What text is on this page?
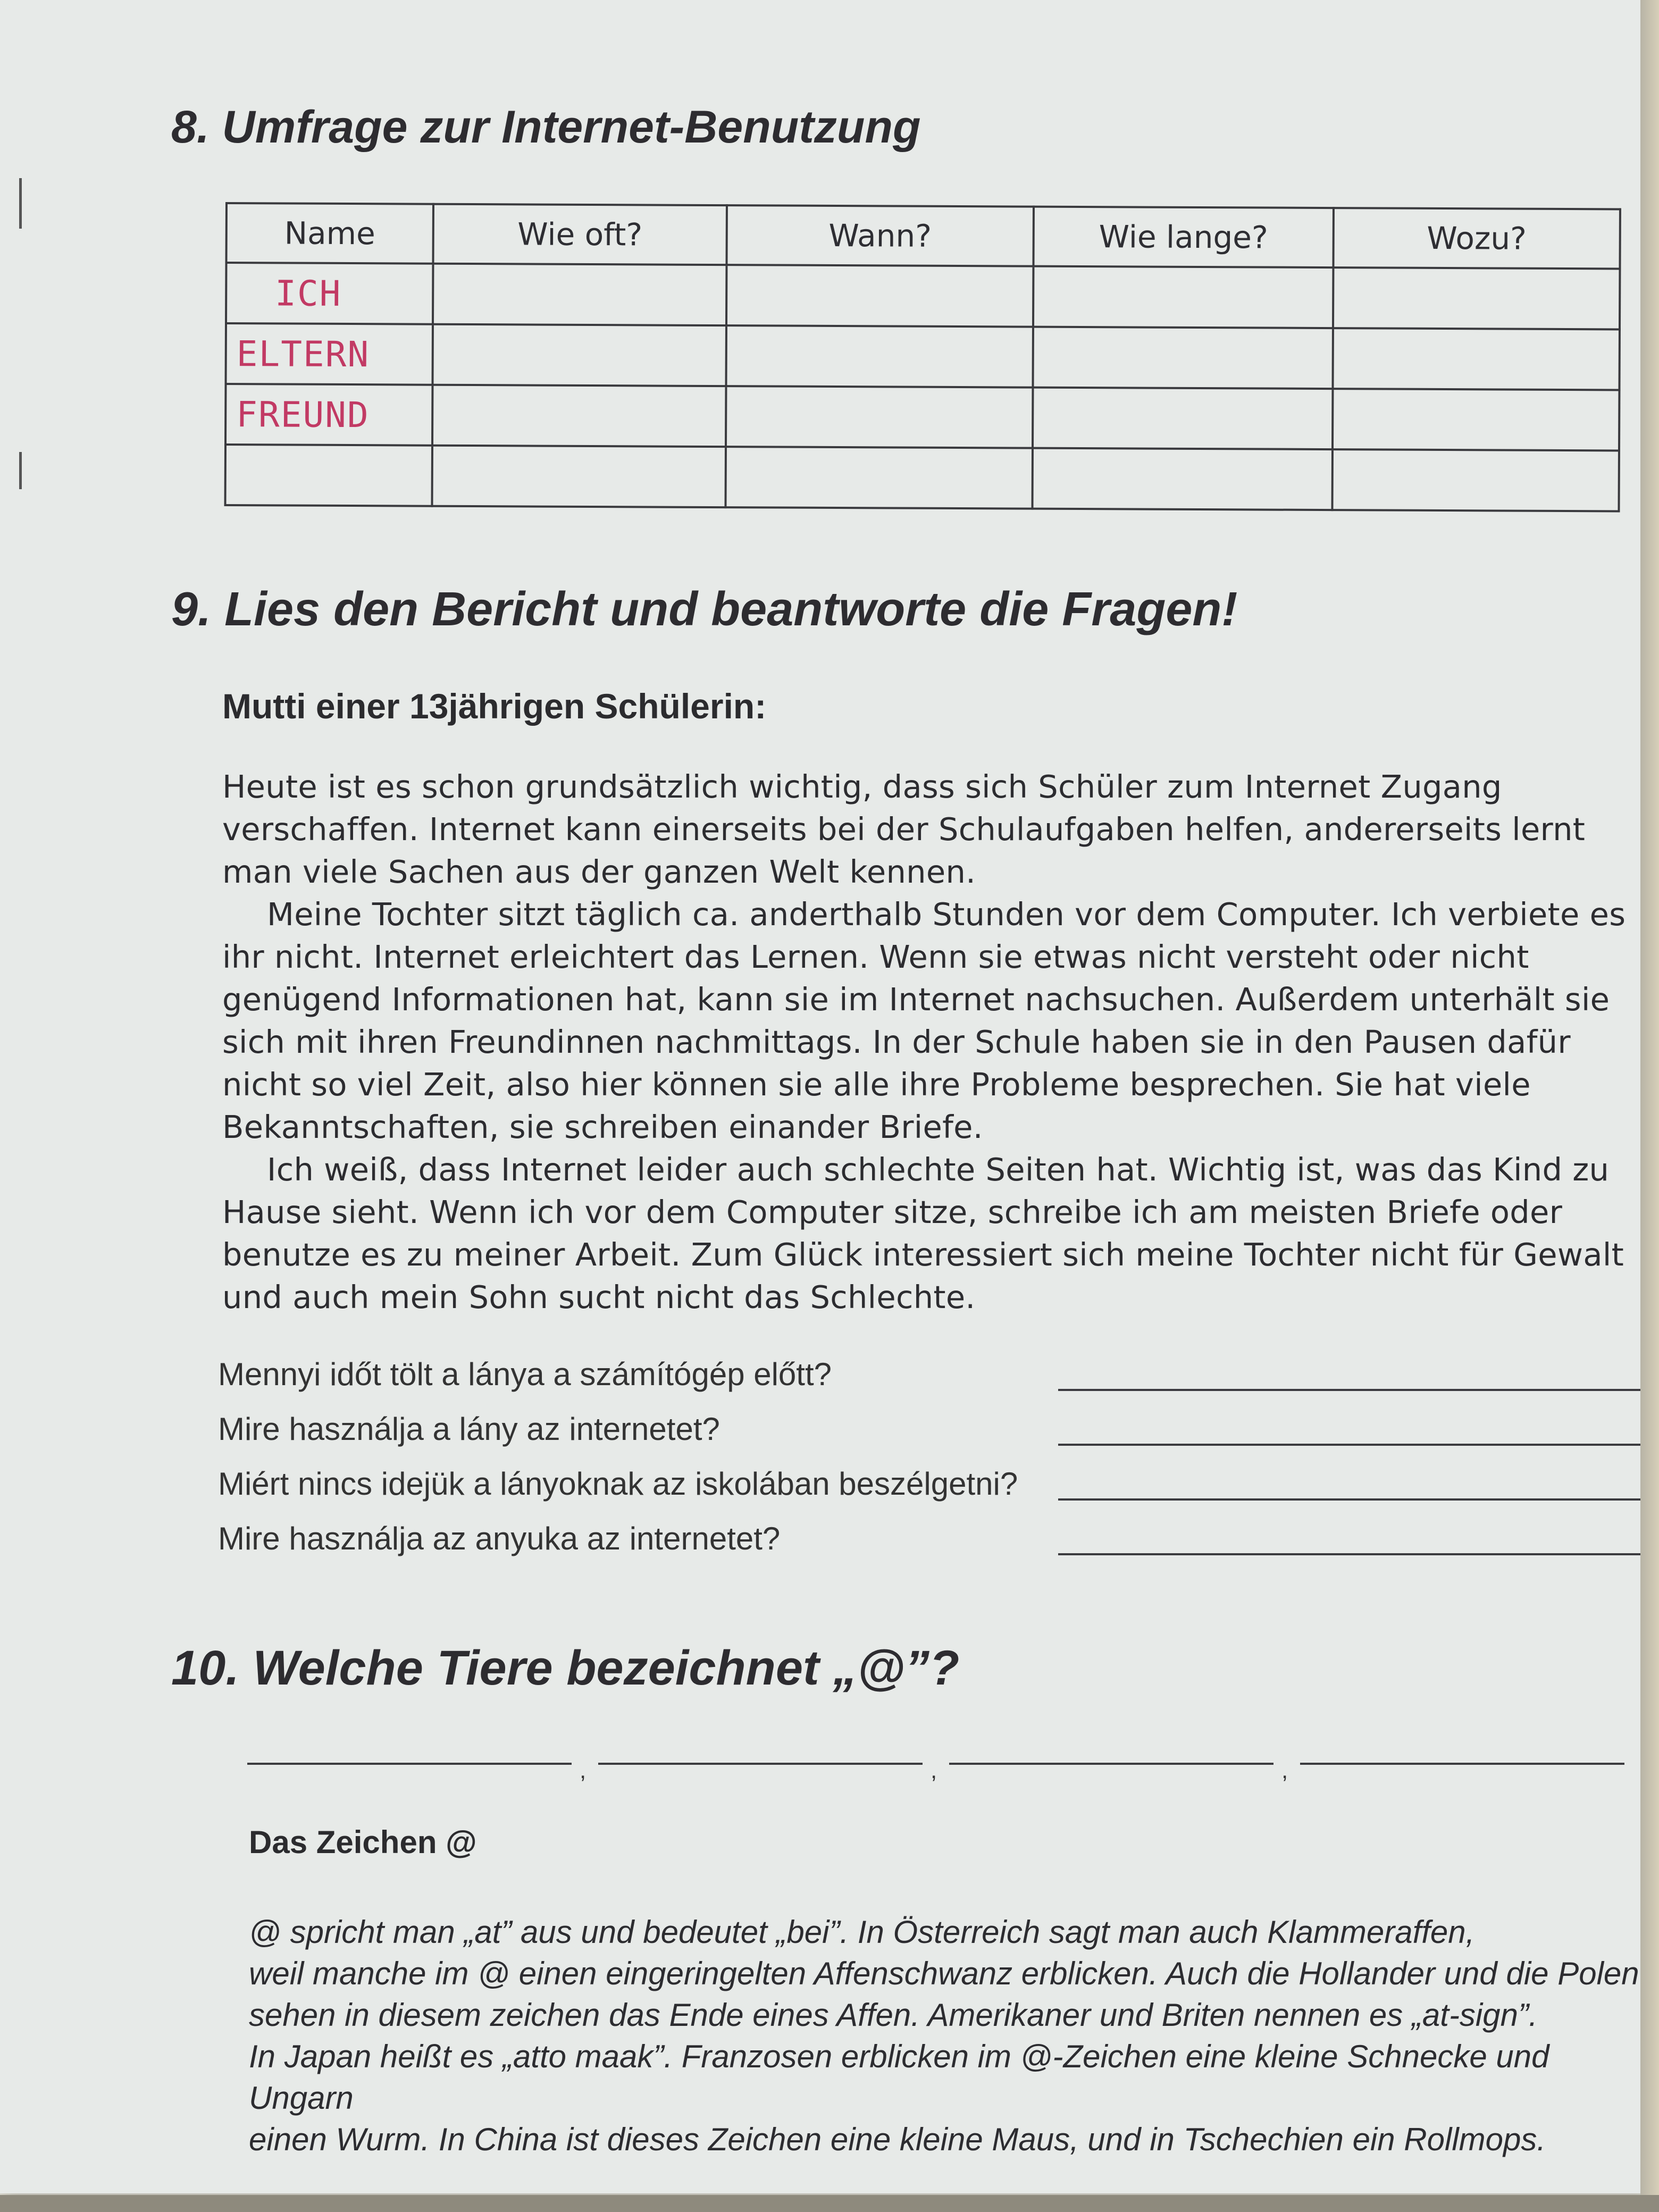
8. Umfrage zur Internet-Benutzung
Name	Wie oft?	Wann?	Wie lange?	Wozu?
ICH				
ELTERN				
FREUND				

9. Lies den Bericht und beantworte die Fragen!
Mutti einer 13jährigen Schülerin:

Heute ist es schon grundsätzlich wichtig, dass sich Schüler zum Internet Zugang verschaffen. Internet kann einerseits bei der Schulaufgaben helfen, andererseits lernt man viele Sachen aus der ganzen Welt kennen.

Meine Tochter sitzt täglich ca. anderthalb Stunden vor dem Computer. Ich verbiete es ihr nicht. Internet erleichtert das Lernen. Wenn sie etwas nicht versteht oder nicht genügend Informationen hat, kann sie im Internet nachsuchen. Außerdem unterhält sie sich mit ihren Freundinnen nachmittags. In der Schule haben sie in den Pausen dafür nicht so viel Zeit, also hier können sie alle ihre Probleme besprechen. Sie hat viele Bekanntschaften, sie schreiben einander Briefe.

Ich weiß, dass Internet leider auch schlechte Seiten hat. Wichtig ist, was das Kind zu Hause sieht. Wenn ich vor dem Computer sitze, schreibe ich am meisten Briefe oder benutze es zu meiner Arbeit. Zum Glück interessiert sich meine Tochter nicht für Gewalt und auch mein Sohn sucht nicht das Schlechte.

Mennyi időt tölt a lánya a számítógép előtt?
Mire használja a lány az internetet?
Miért nincs idejük a lányoknak az iskolában beszélgetni?
Mire használja az anyuka az internetet?
10. Welche Tiere bezeichnet „@”?
,	,	,
Das Zeichen @

@ spricht man „at” aus und bedeutet „bei”. In Österreich sagt man auch Klammeraffen,

weil manche im @ einen eingeringelten Affenschwanz erblicken. Auch die Hollander und die Polen

sehen in diesem zeichen das Ende eines Affen. Amerikaner und Briten nennen es „at-sign”.

In Japan heißt es „atto maak”. Franzosen erblicken im @-Zeichen eine kleine Schnecke und Ungarn

einen Wurm. In China ist dieses Zeichen eine kleine Maus, und in Tschechien ein Rollmops.
